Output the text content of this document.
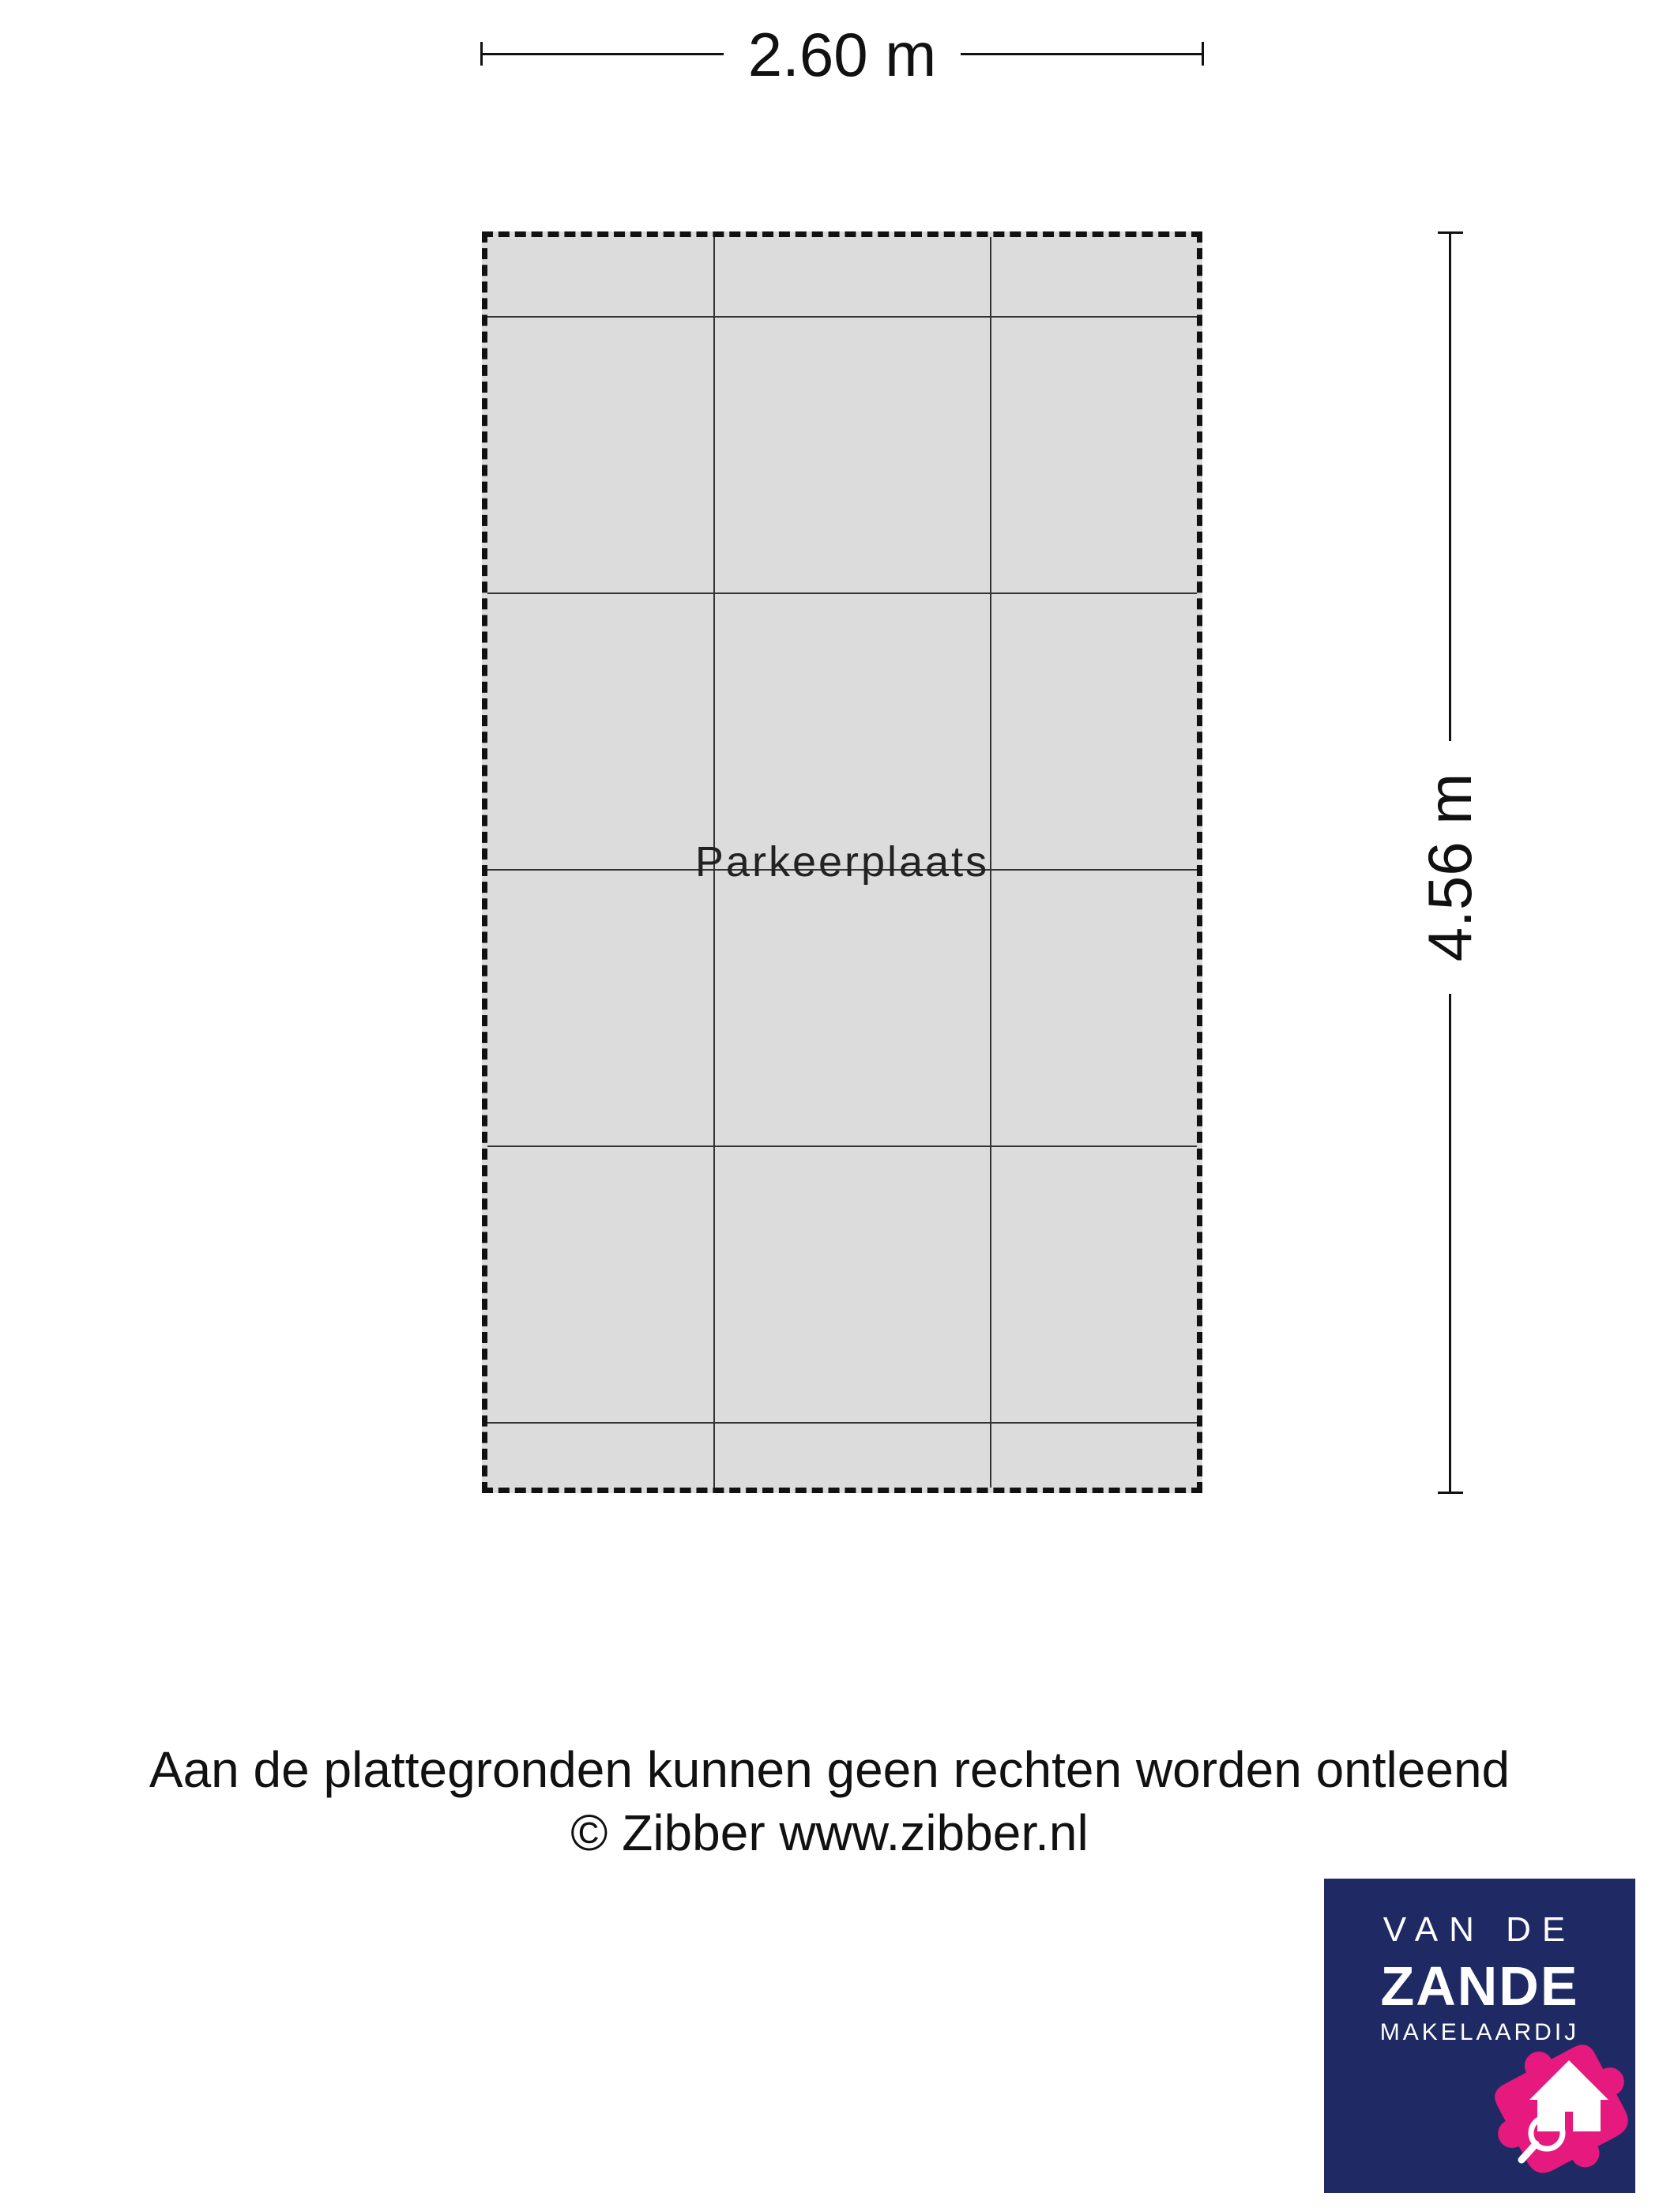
2.60 m
4.56 m
Parkeerplaats
Aan de plattegronden kunnen geen rechten worden ontleend
© Zibber www.zibber.nl
VAN DE
ZANDE
MAKELAARDIJ
